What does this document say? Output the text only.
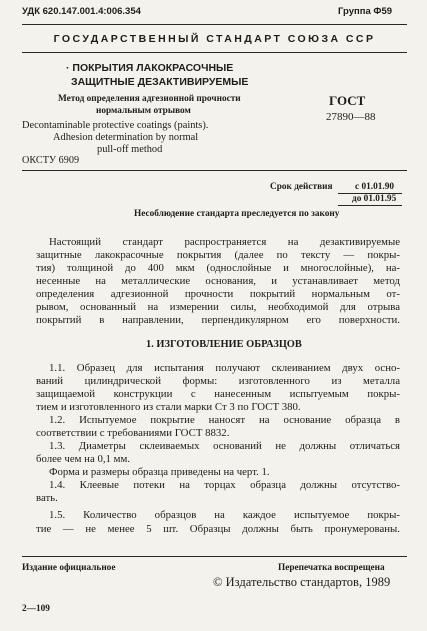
УДК 620.147.001.4:006.354	Группа Ф59
ГОСУДАРСТВЕННЫЙ СТАНДАРТ СОЮЗА ССР
· ПОКРЫТИЯ ЛАКОКРАСОЧНЫЕ
ЗАЩИТНЫЕ ДЕЗАКТИВИРУЕМЫЕ
Метод определения адгезионной прочности
нормальным отрывом
Decontaminable protective coatings (paints).
Adhesion determination by normal
pull-off method
ОКСТУ 6909
ГОСТ
27890—88
Срок действия с 01.01.90
до 01.01.95
Несоблюдение стандарта преследуется по закону
Настоящий стандарт распространяется на дезактивируемые
защитные лакокрасочные покрытия (далее по тексту — покры-
тия) толщиной до 400 мкм (однослойные и многослойные), на-
несенные на металлические основания, и устанавливает метод
определения адгезионной прочности покрытий нормальным от-
рывом, основанный на измерении силы, необходимой для отрыва
покрытий в направлении, перпендикулярном его поверхности.
1. ИЗГОТОВЛЕНИЕ ОБРАЗЦОВ
1.1. Образец для испытания получают склеиванием двух осно-
ваний цилиндрической формы: изготовленного из металла
защищаемой конструкции с нанесенным испытуемым покры-
тием и изготовленного из стали марки Ст 3 по ГОСТ 380.
1.2. Испытуемое покрытие наносят на основание образца в
соответствии с требованиями ГОСТ 8832.
1.3. Диаметры склеиваемых оснований не должны отличаться
более чем на 0,1 мм.
Форма и размеры образца приведены на черт. 1.
1.4. Клеевые потеки на торцах образца должны отсутство-
вать.
1.5. Количество образцов на каждое испытуемое покры-
тие — не менее 5 шт. Образцы должны быть пронумерованы.
Издание официальное	Перепечатка воспрещена
© Издательство стандартов, 1989
2—109
